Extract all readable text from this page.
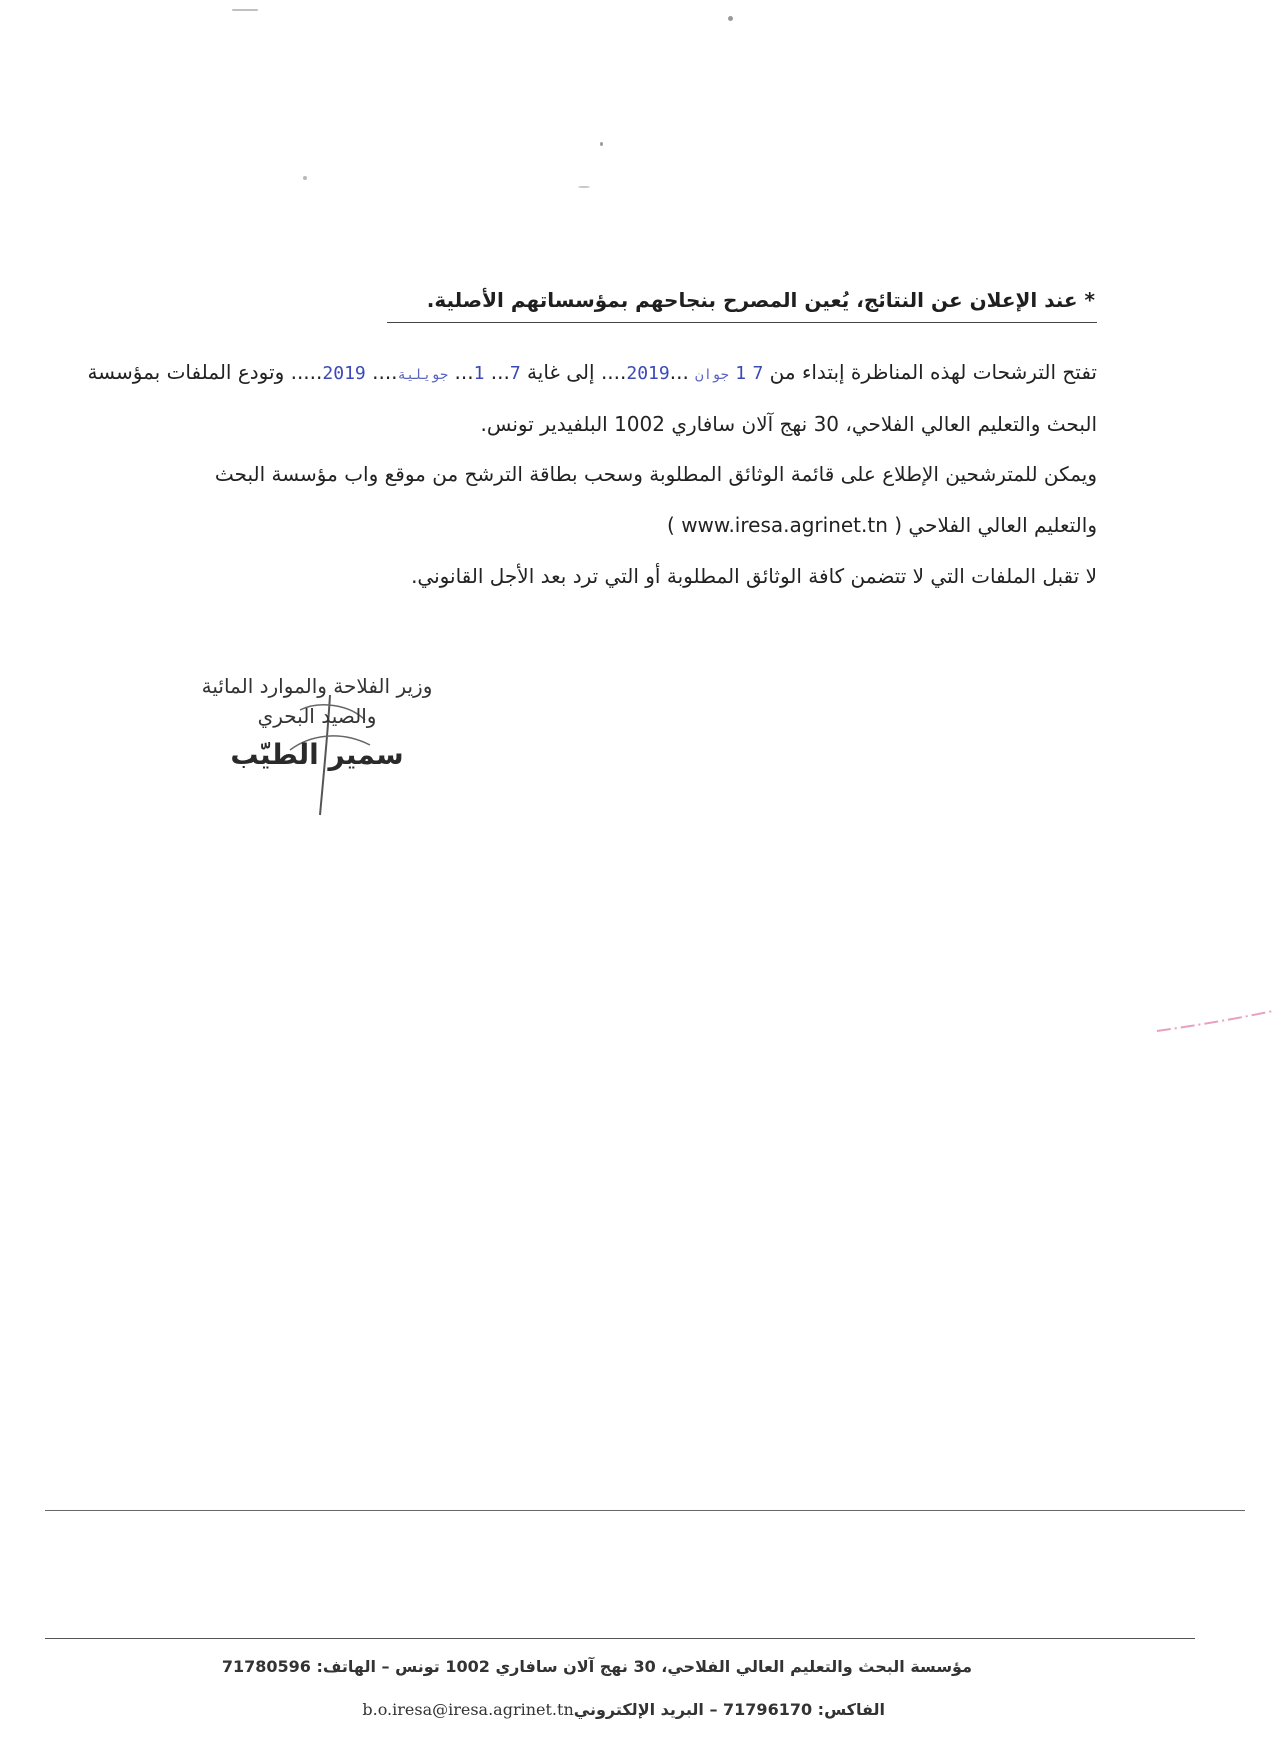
* عند الإعلان عن النتائج، يُعين المصرح بنجاحهم بمؤسساتهم الأصلية.
تفتح الترشحات لهذه المناظرة إبتداء من 7 1 جوان ...2019.... إلى غاية 7... 1... جويلية.... 2019..... وتودع الملفات بمؤسسة
البحث والتعليم العالي الفلاحي، 30 نهج آلان سافاري 1002 البلفيدير تونس.
ويمكن للمترشحين الإطلاع على قائمة الوثائق المطلوبة وسحب بطاقة الترشح من موقع واب مؤسسة البحث
والتعليم العالي الفلاحي ( www.iresa.agrinet.tn )
لا تقبل الملفات التي لا تتضمن كافة الوثائق المطلوبة أو التي ترد بعد الأجل القانوني.
وزير الفلاحة والموارد المائية
والصيد البحري
سمير الطيّب
مؤسسة البحث والتعليم العالي الفلاحي، 30 نهج آلان سافاري 1002 تونس – الهاتف: 71780596
الفاكس: 71796170 – البريد الإلكترونيb.o.iresa@iresa.agrinet.tn
